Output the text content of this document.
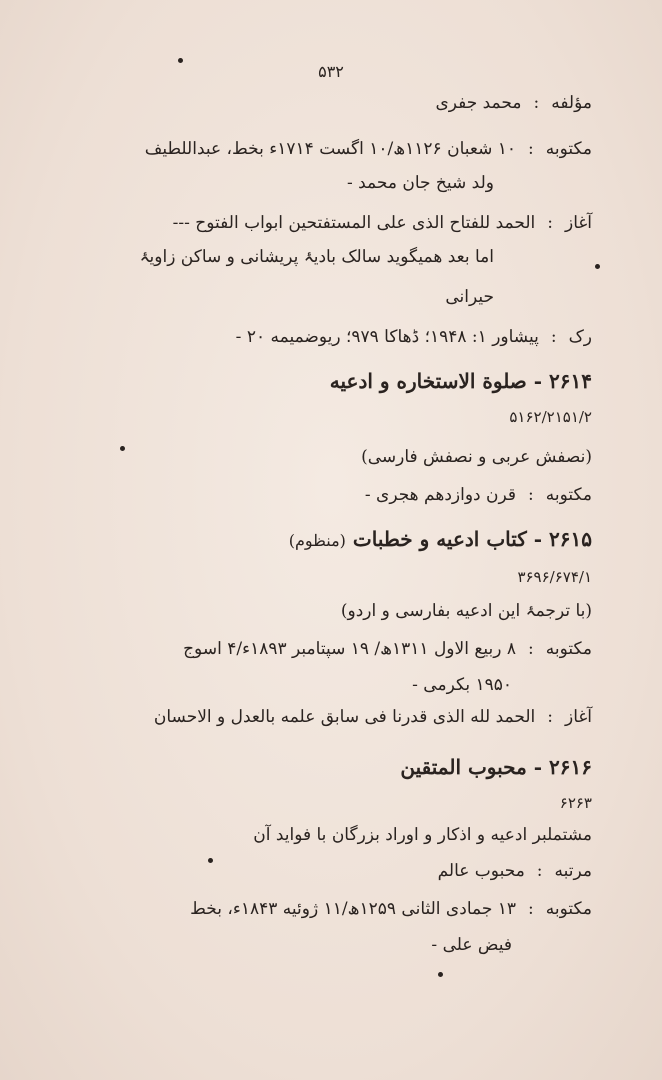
۵۳۲
مؤلفه:محمد جفری
مکتوبه:۱۰ شعبان ۱۱۲۶ھ/۱۰ اگست ۱۷۱۴ء بخط، عبداللطیف
ولد شیخ جان محمد -
آغاز:الحمد للفتاح الذی علی المستفتحین ابواب الفتوح ---
اما بعد همیگوید سالک بادیۂ پریشانی و ساکن زاویۂ
حیرانی
رک:پیشاور ۱: ۱۹۴۸؛ ڈھاکا ۹۷۹؛ ریوضمیمه ۲۰ -
۲۶۱۴ - صلوة الاستخاره و ادعیه
۵۱۶۲/۲۱۵۱/۲
(نصفش عربی و نصفش فارسی)
مکتوبه:قرن دوازدهم هجری -
۲۶۱۵ - کتاب ادعیه و خطبات (منظوم)
۳۶۹۶/۶۷۴/۱
(با ترجمۂ این ادعیه بفارسی و اردو)
مکتوبه:۸ ربیع الاول ۱۳۱۱ھ/ ۱۹ سپتامبر ۱۸۹۳ء/۴ اسوج
۱۹۵۰ بکرمی -
آغاز:الحمد لله الذی قدرنا فی سابق علمه بالعدل و الاحسان
۲۶۱۶ - محبوب المتقین
۶۲۶۳
مشتملبر ادعیه و اذکار و اوراد بزرگان با فواید آن
مرتبه:محبوب عالم
مکتوبه:۱۳ جمادی الثانی ۱۲۵۹ھ/۱۱ ژوئیه ۱۸۴۳ء، بخط
فیض علی -
